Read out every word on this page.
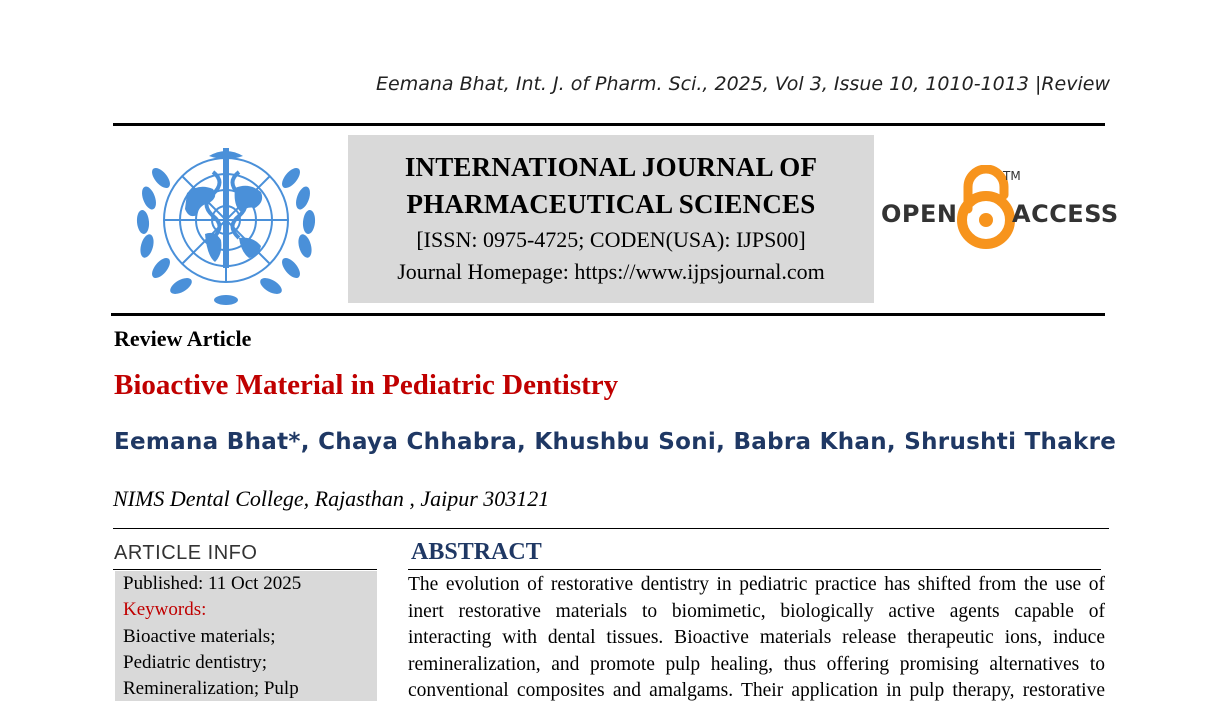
Eemana Bhat, Int. J. of Pharm. Sci., 2025, Vol 3, Issue 10, 1010-1013 |Review
INTERNATIONAL JOURNAL OF
PHARMACEUTICAL SCIENCES
[ISSN: 0975-4725; CODEN(USA): IJPS00]
Journal Homepage: https://www.ijpsjournal.com
OPEN ACCESS
TM
Review Article
Bioactive Material in Pediatric Dentistry
Eemana Bhat*, Chaya Chhabra, Khushbu Soni, Babra Khan, Shrushti Thakre
NIMS Dental College, Rajasthan , Jaipur 303121
ARTICLE INFO
Published: 11 Oct 2025
Keywords:
Bioactive materials;
Pediatric dentistry;
Remineralization; Pulp
ABSTRACT
The evolution of restorative dentistry in pediatric practice has shifted from the use of
inert restorative materials to biomimetic, biologically active agents capable of
interacting with dental tissues. Bioactive materials release therapeutic ions, induce
remineralization, and promote pulp healing, thus offering promising alternatives to
conventional composites and amalgams. Their application in pulp therapy, restorative
